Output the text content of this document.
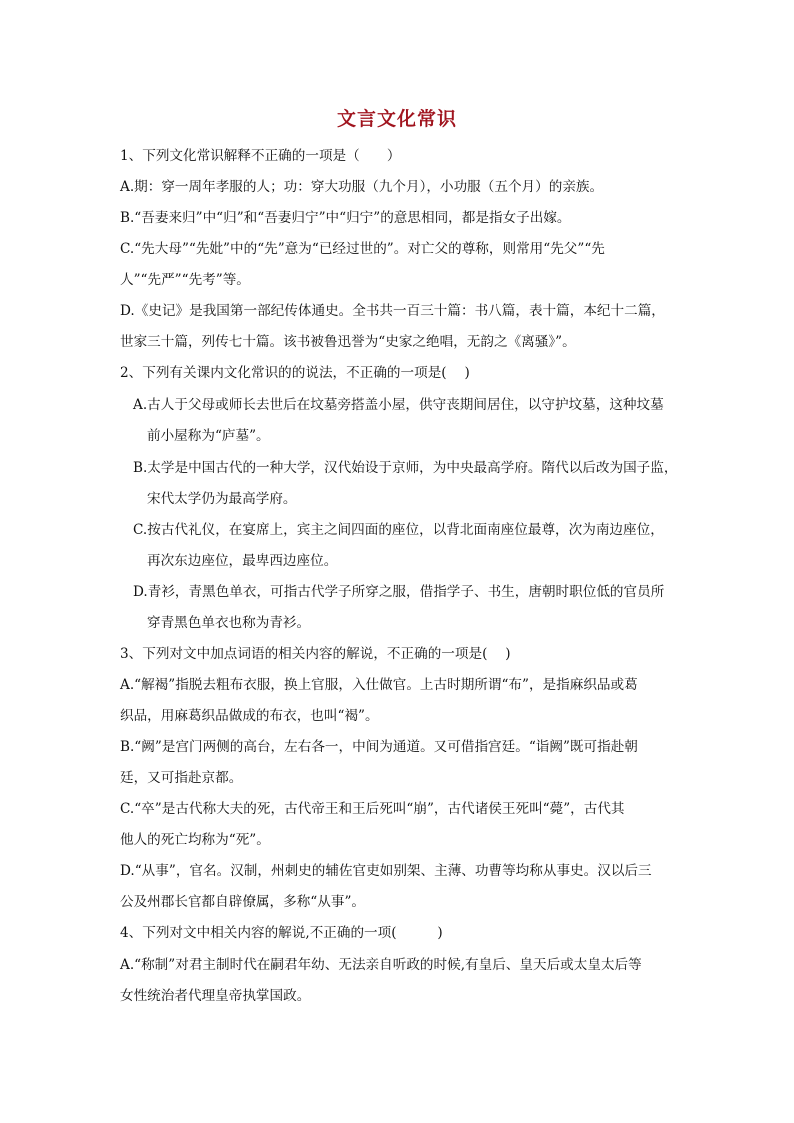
文言文化常识
1、下列文化常识解释不正确的一项是（　　）
A.期：穿一周年孝服的人；功：穿大功服（九个月），小功服（五个月）的亲族。
B.“吾妻来归”中“归”和“吾妻归宁”中“归宁”的意思相同，都是指女子出嫁。
C.“先大母”“先妣”中的“先”意为“已经过世的”。对亡父的尊称，则常用“先父”“先
人”“先严”“先考”等。
D.《史记》是我国第一部纪传体通史。全书共一百三十篇：书八篇，表十篇，本纪十二篇，
世家三十篇，列传七十篇。该书被鲁迅誉为“史家之绝唱，无韵之《离骚》”。
2、下列有关课内文化常识的的说法，不正确的一项是(　 )
A.古人于父母或师长去世后在坟墓旁搭盖小屋，供守丧期间居住，以守护坟墓，这种坟墓
前小屋称为“庐墓”。
B.太学是中国古代的一种大学，汉代始设于京师，为中央最高学府。隋代以后改为国子监，
宋代太学仍为最高学府。
C.按古代礼仪，在宴席上，宾主之间四面的座位，以背北面南座位最尊，次为南边座位，
再次东边座位，最卑西边座位。
D.青衫，青黑色单衣，可指古代学子所穿之服，借指学子、书生，唐朝时职位低的官员所
穿青黑色单衣也称为青衫。
3、下列对文中加点词语的相关内容的解说，不正确的一项是(　 )
A.“解褐”指脱去粗布衣服，换上官服，入仕做官。上古时期所谓“布”，是指麻织品或葛
织品，用麻葛织品做成的布衣，也叫“褐”。
B.“阙”是宫门两侧的高台，左右各一，中间为通道。又可借指宫廷。“诣阙”既可指赴朝
廷，又可指赴京都。
C.“卒”是古代称大夫的死，古代帝王和王后死叫“崩”，古代诸侯王死叫“薨”，古代其
他人的死亡均称为“死”。
D.“从事”，官名。汉制，州刺史的辅佐官吏如别架、主薄、功曹等均称从事史。汉以后三
公及州郡长官都自辟僚属，多称“从事”。
4、下列对文中相关内容的解说,不正确的一项(　　　)
A.“称制”对君主制时代在嗣君年幼、无法亲自听政的时候,有皇后、皇天后或太皇太后等
女性统治者代理皇帝执掌国政。
